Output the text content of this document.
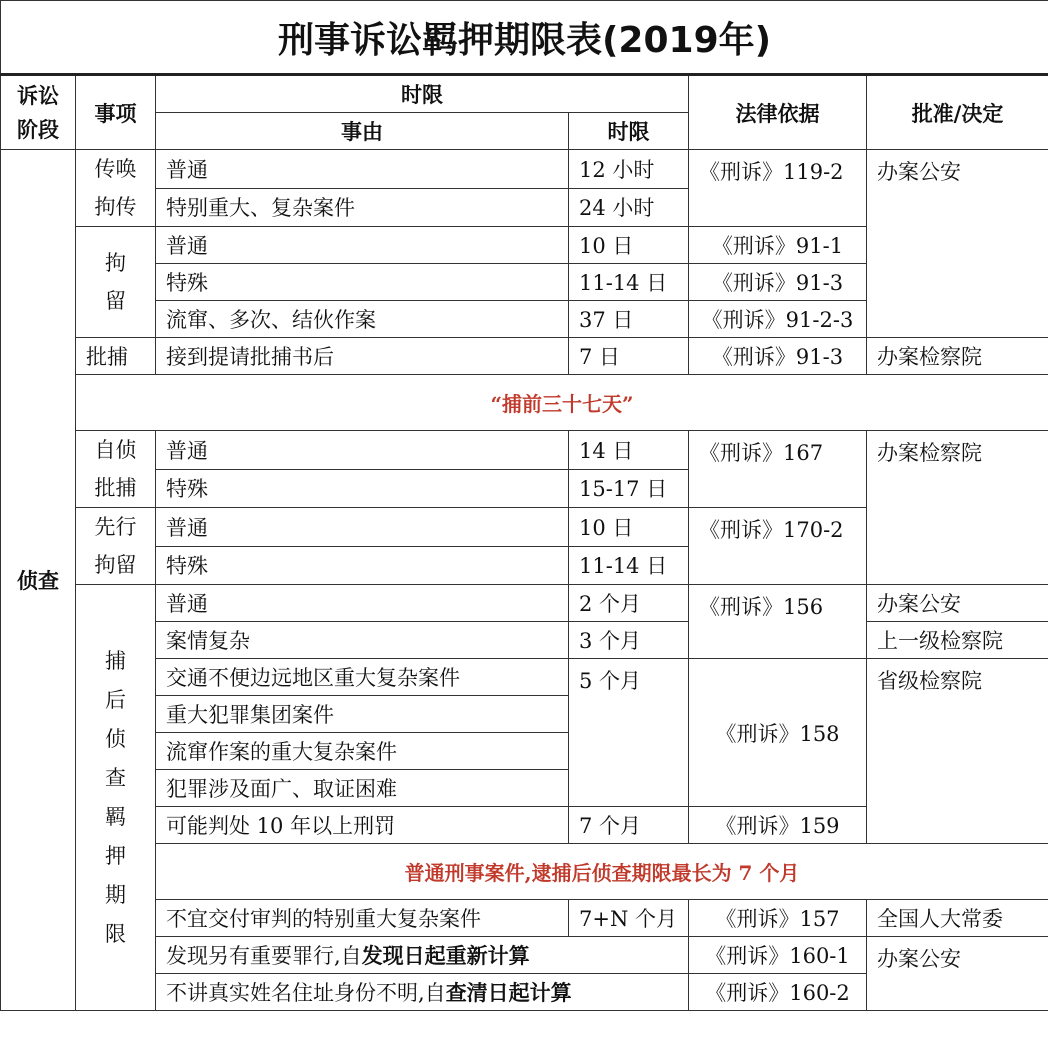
刑事诉讼羁押期限表(2019年)					
诉讼阶段	事项	时限		法律依据	批准/决定
		事由	时限		
侦查	传唤拘传	普通	12 小时	《刑诉》119-2	办案公安
		特别重大、复杂案件	24 小时		
	拘留	普通	10 日	《刑诉》91-1	
		特殊	11-14 日	《刑诉》91-3	
		流窜、多次、结伙作案	37 日	《刑诉》91-2-3	
	批捕	接到提请批捕书后	7 日	《刑诉》91-3	办案检察院
	“捕前三十七天”				
	自侦批捕	普通	14 日	《刑诉》167	办案检察院
		特殊	15-17 日		
	先行拘留	普通	10 日	《刑诉》170-2	
		特殊	11-14 日		
	捕后侦查羁押期限	普通	2 个月	《刑诉》156	办案公安
		案情复杂	3 个月		上一级检察院
		交通不便边远地区重大复杂案件	5 个月	《刑诉》158	省级检察院
		重大犯罪集团案件			
		流窜作案的重大复杂案件			
		犯罪涉及面广、取证困难			
		可能判处 10 年以上刑罚	7 个月	《刑诉》159	
		普通刑事案件,逮捕后侦查期限最长为 7 个月			
		不宜交付审判的特别重大复杂案件	7+N 个月	《刑诉》157	全国人大常委
		发现另有重要罪行,自发现日起重新计算		《刑诉》160-1	办案公安
		不讲真实姓名住址身份不明,自查清日起计算		《刑诉》160-2	
